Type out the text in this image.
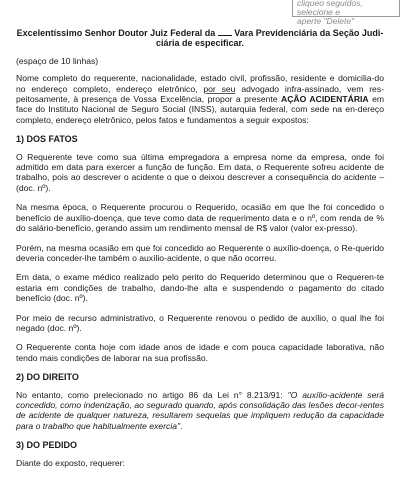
cliqueo seguidos, selecione e
aperte "Delete"

Excelentíssimo Senhor Doutor Juiz Federal da Vara Previdenciária da Seção Judi-
ciária de especificar.

(espaço de 10 linhas)

Nome completo do requerente, nacionalidade, estado civil, profissão, residente e domicilia-do no endereço completo, endereço eletrônico, por seu advogado infra-assinado, vem res-peitosamente, à presença de Vossa Excelência, propor a presente AÇÃO ACIDENTÁRIA em face do Instituto Nacional de Seguro Social (INSS), autarquia federal, com sede na en-dereço completo, endereço eletrônico, pelos fatos e fundamentos a seguir expostos:

1) DOS FATOS

O Requerente teve como sua última empregadora a empresa nome da empresa, onde foi admitido em data para exercer a função de função. Em data, o Requerente sofreu acidente de trabalho, pois ao descrever o acidente o que o deixou descrever a consequência do acidente – (doc. nº).

Na mesma época, o Requerente procurou o Requerido, ocasião em que lhe foi concedido o benefício de auxílio-doença, que teve como data de requerimento data e o nº, com renda de % do salário-benefício, gerando assim um rendimento mensal de R$ valor (valor ex-presso).

Porém, na mesma ocasião em que foi concedido ao Requerente o auxílio-doença, o Re-querido deveria conceder-lhe também o auxílio-acidente, o que não ocorreu.

Em data, o exame médico realizado pelo perito do Requerido determinou que o Requeren-te estaria em condições de trabalho, dando-lhe alta e suspendendo o pagamento do citado benefício (doc. nº).

Por meio de recurso administrativo, o Requerente renovou o pedido de auxílio, o qual lhe foi negado (doc. nº).

O Requerente conta hoje com idade anos de idade e com pouca capacidade laborativa, não tendo mais condições de laborar na sua profissão.

2) DO DIREITO

No entanto, como prelecionado no artigo 86 da Lei n° 8.213/91: "O auxílio-acidente será concedido, como indenização, ao segurado quando, após consolidação das lesões decor-rentes de acidente de qualquer natureza, resultarem sequelas que impliquem redução da capacidade para o trabalho que habitualmente exercia".

3) DO PEDIDO

Diante do exposto, requerer:
